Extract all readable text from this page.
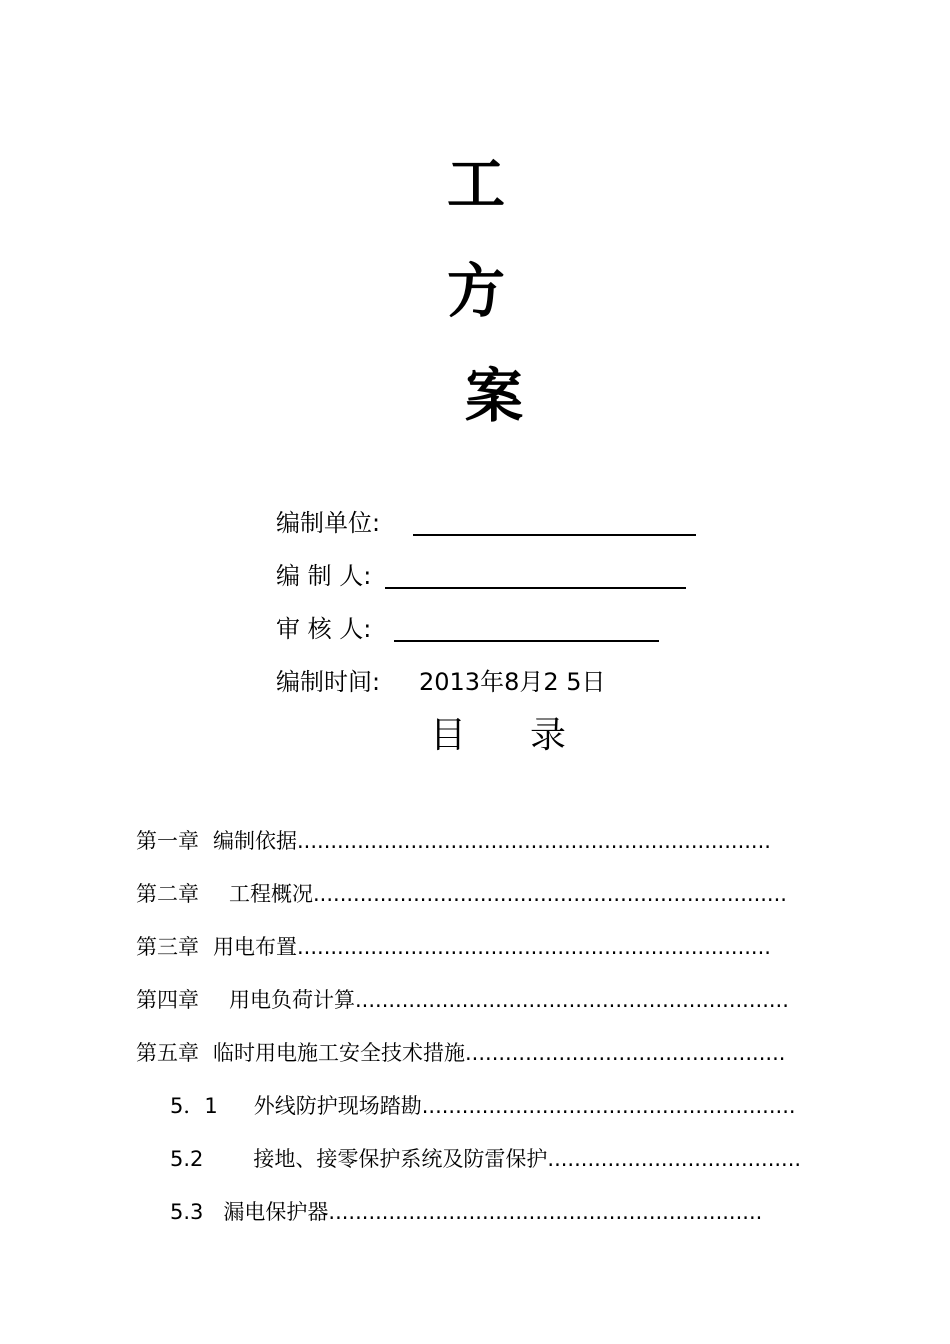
工
方
案
编制单位:
编 制 人:
审 核 人:
编制时间: 2013年8月2 5日
目 录
第一章 编制依据.......................................................................
第二章 工程概况.......................................................................
第三章 用电布置.......................................................................
第四章 用电负荷计算.................................................................
第五章 临时用电施工安全技术措施................................................
5．1 外线防护现场踏勘........................................................
5.2 接地、接零保护系统及防雷保护......................................
5.3 漏电保护器.................................................................
